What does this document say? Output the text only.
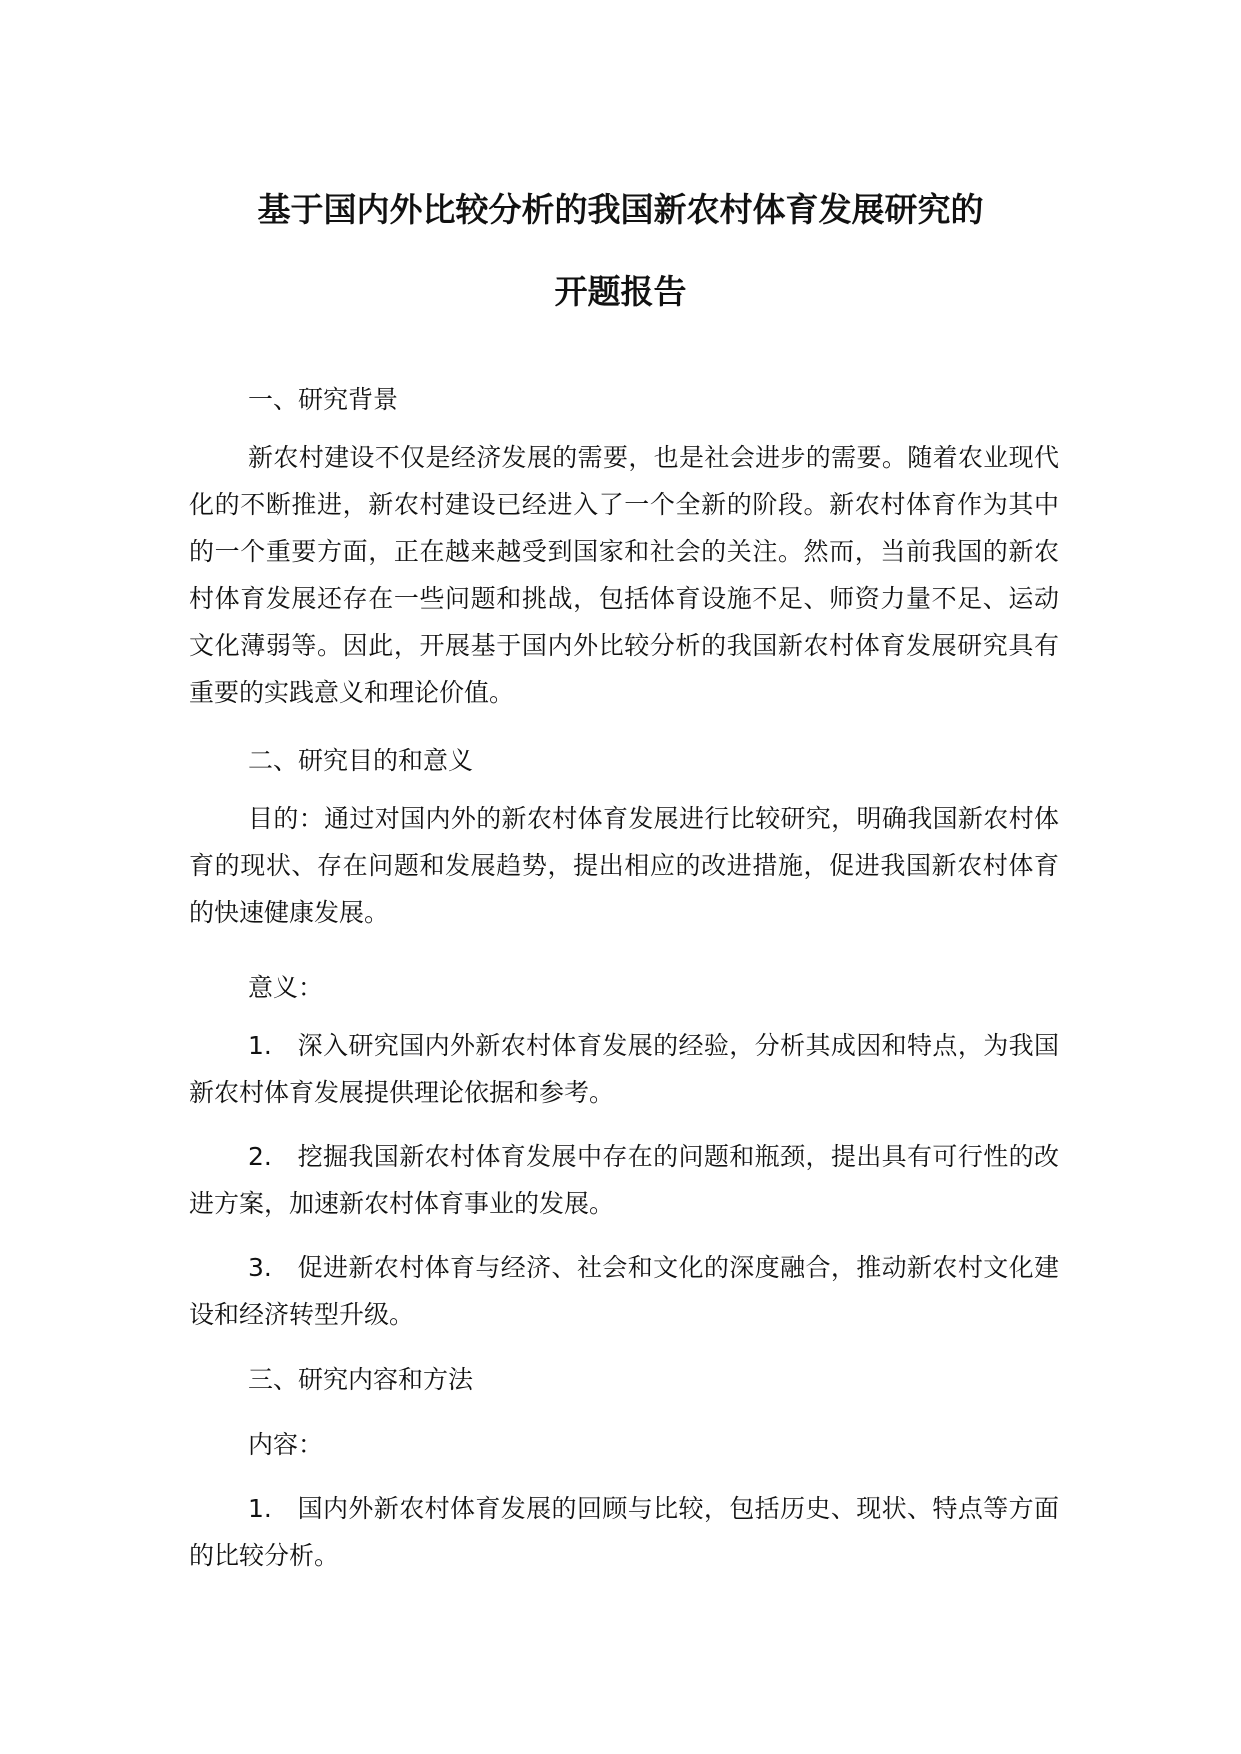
基于国内外比较分析的我国新农村体育发展研究的
开题报告

一、研究背景

新农村建设不仅是经济发展的需要，也是社会进步的需要。随着农业现代化的不断推进，新农村建设已经进入了一个全新的阶段。新农村体育作为其中的一个重要方面，正在越来越受到国家和社会的关注。然而，当前我国的新农村体育发展还存在一些问题和挑战，包括体育设施不足、师资力量不足、运动文化薄弱等。因此，开展基于国内外比较分析的我国新农村体育发展研究具有重要的实践意义和理论价值。

二、研究目的和意义

目的：通过对国内外的新农村体育发展进行比较研究，明确我国新农村体育的现状、存在问题和发展趋势，提出相应的改进措施，促进我国新农村体育的快速健康发展。

意义：

1.　深入研究国内外新农村体育发展的经验，分析其成因和特点，为我国新农村体育发展提供理论依据和参考。

2.　挖掘我国新农村体育发展中存在的问题和瓶颈，提出具有可行性的改进方案，加速新农村体育事业的发展。

3.　促进新农村体育与经济、社会和文化的深度融合，推动新农村文化建设和经济转型升级。

三、研究内容和方法

内容：

1.　国内外新农村体育发展的回顾与比较，包括历史、现状、特点等方面的比较分析。
